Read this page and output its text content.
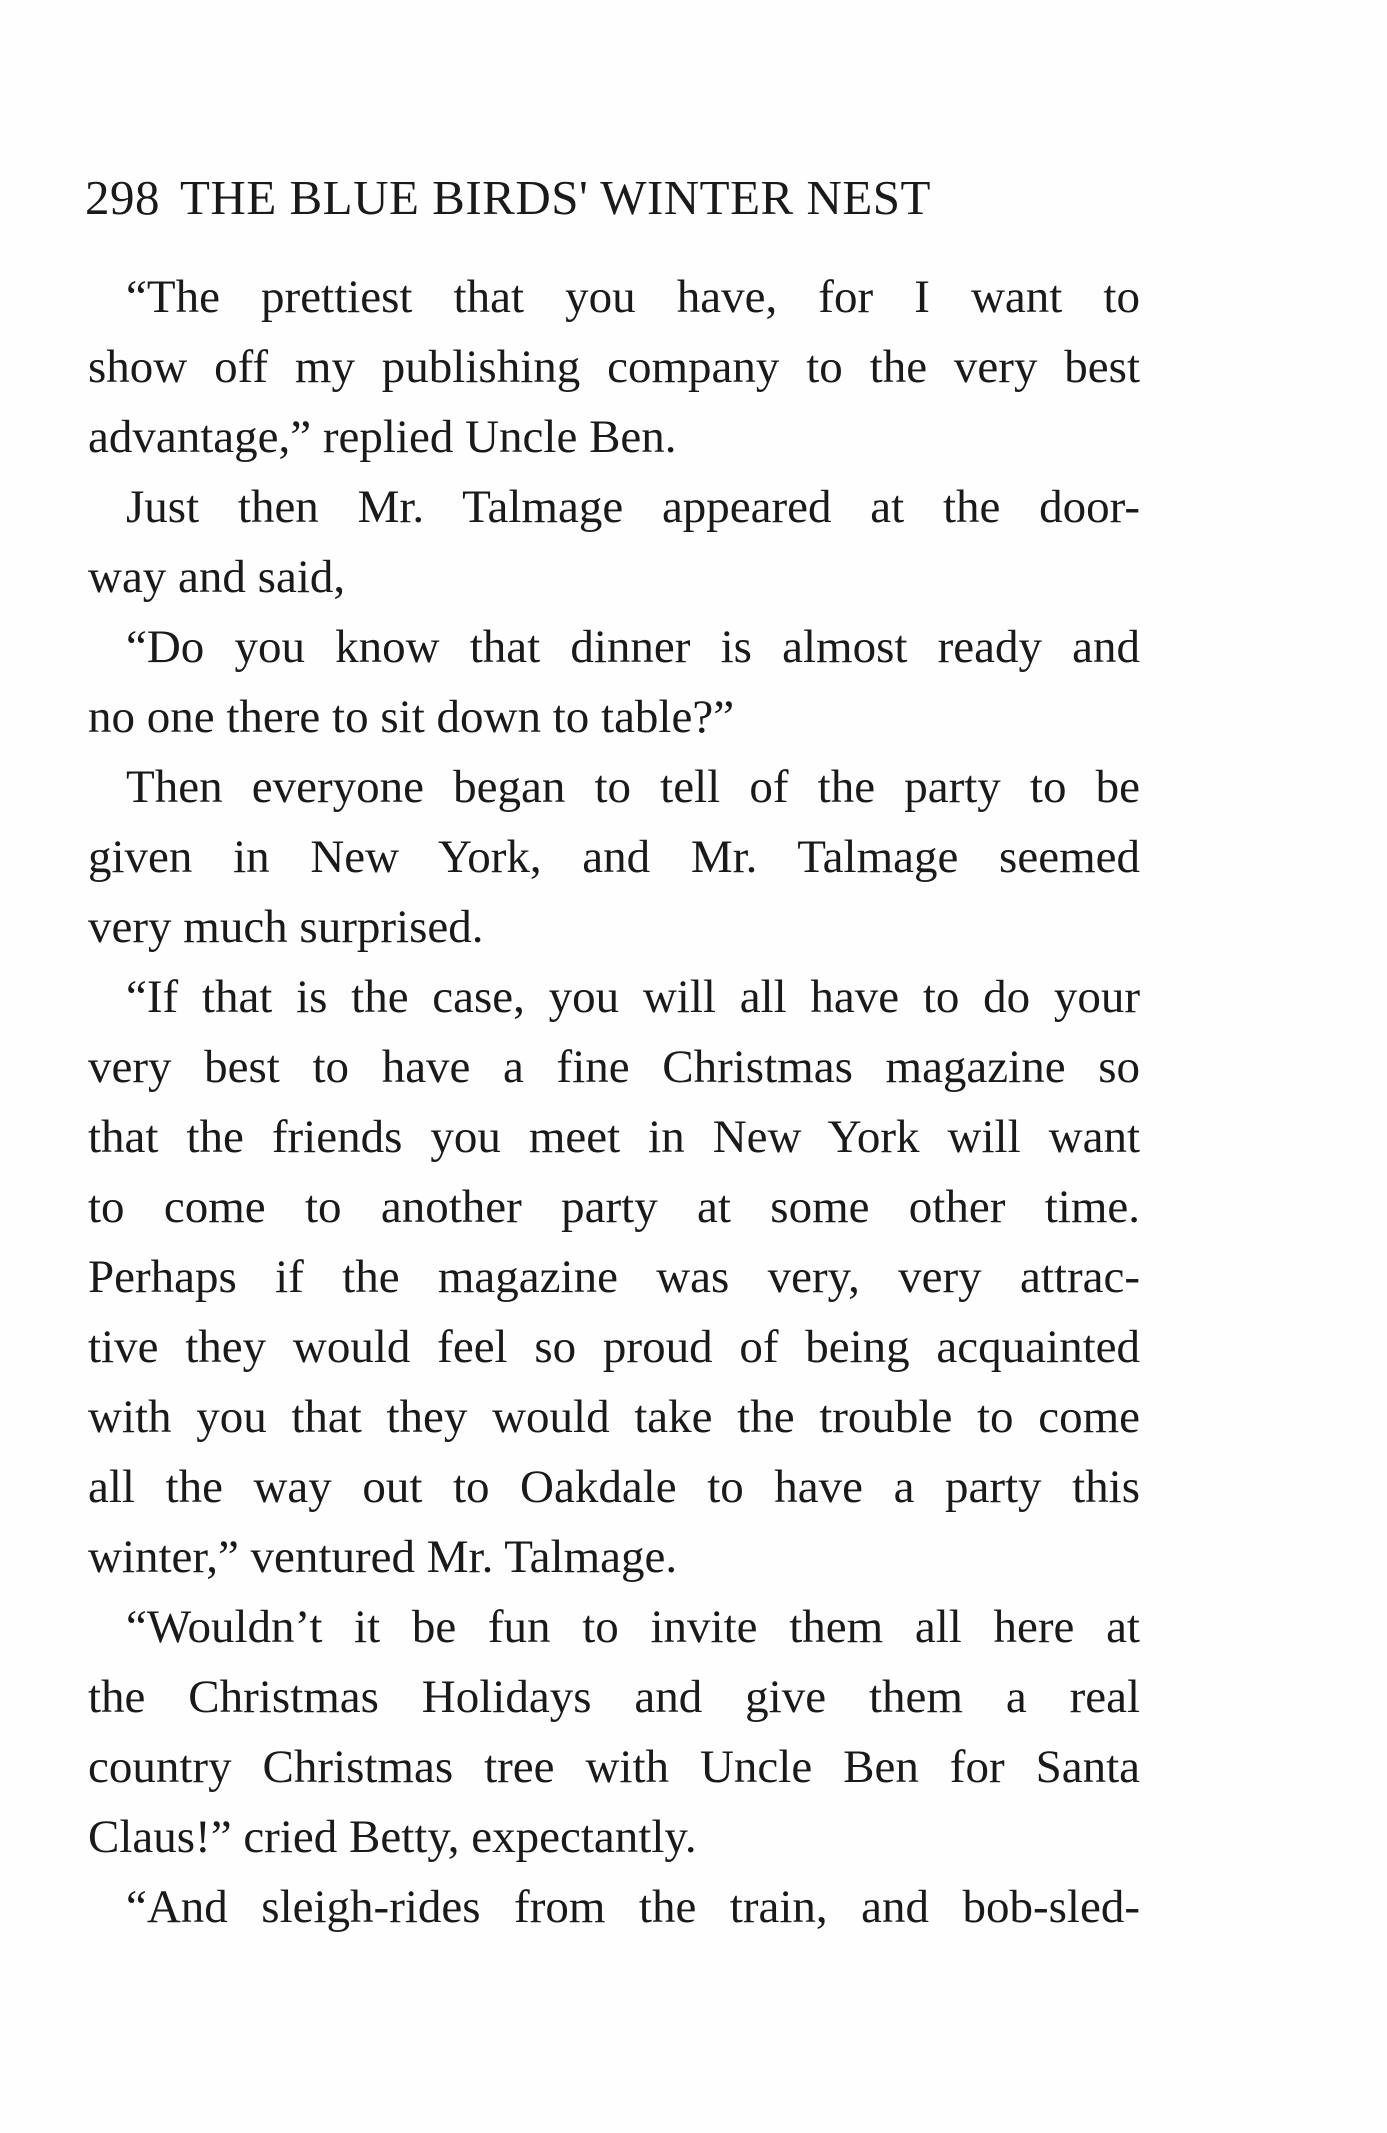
298 THE BLUE BIRDS' WINTER NEST
“The prettiest that you have, for I want to
show off my publishing company to the very best
advantage,” replied Uncle Ben.
Just then Mr. Talmage appeared at the door-
way and said,
“Do you know that dinner is almost ready and
no one there to sit down to table?”
Then everyone began to tell of the party to be
given in New York, and Mr. Talmage seemed
very much surprised.
“If that is the case, you will all have to do your
very best to have a fine Christmas magazine so
that the friends you meet in New York will want
to come to another party at some other time.
Perhaps if the magazine was very, very attrac-
tive they would feel so proud of being acquainted
with you that they would take the trouble to come
all the way out to Oakdale to have a party this
winter,” ventured Mr. Talmage.
“Wouldn’t it be fun to invite them all here at
the Christmas Holidays and give them a real
country Christmas tree with Uncle Ben for Santa
Claus!” cried Betty, expectantly.
“And sleigh-rides from the train, and bob-sled-
